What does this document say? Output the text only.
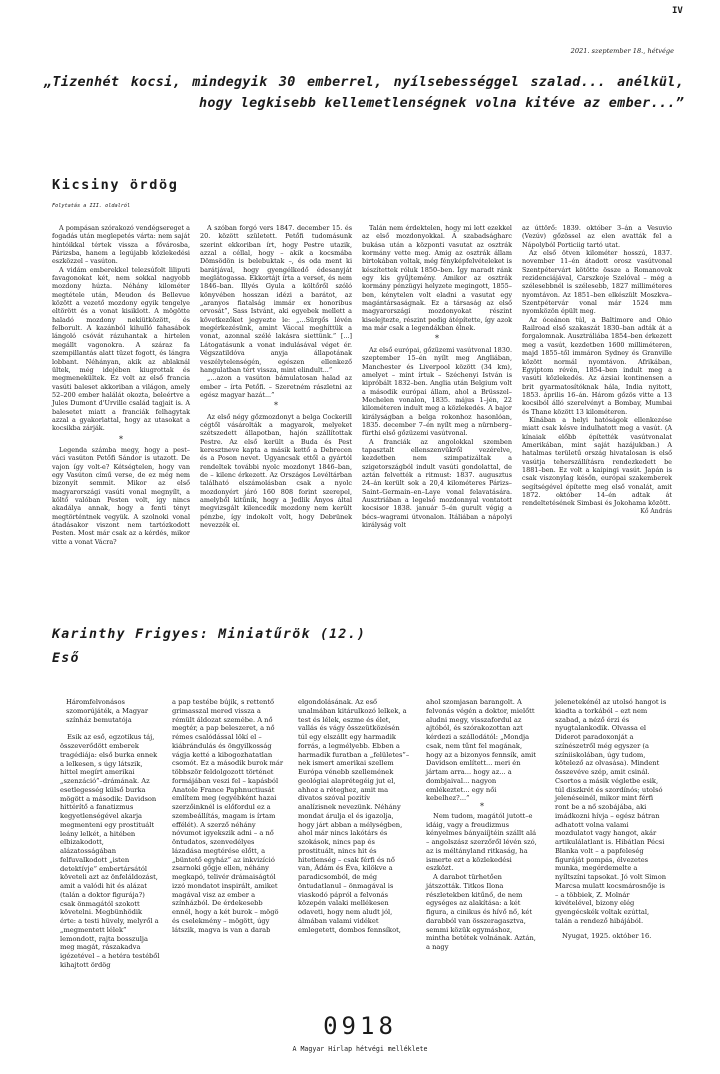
IV
2021. szeptember 18., hétvége
„Tizenhét kocsi, mindegyik 30 emberrel, nyílsebességgel szalad... anélkül, hogy legkisebb kellemetlenségnek volna kitéve az ember...”
Kicsiny ördög
Folytatás a III. oldalról

A pompásan szórakozó vendégsereget a fogadás után meglepetés várta: nem saját hintóikkal tértek vissza a fővárosba, Párizsba, hanem a legújabb közlekedési eszközzel – vasúton.

A vidám emberekkel telezsúfolt liliputi favagonokat két, nem sokkal nagyobb mozdony húzta. Néhány kilométer megtétele után, Meudon és Bellevue között a vezető mozdony egyik tengelye eltörött és a vonat kisiklott. A mögötte haladó mozdony nekiütközött, és felborult. A kazánból kihulló fahasábok lángoló csóvát rázuhantak a hirtelen megállt vagonokra. A száraz fa szempillantás alatt tüzet fogott, és lángra lobbant. Néhányan, akik az ablaknál ültek, még idejében kiugrottak és megmenekültek. Ez volt az első francia vasúti baleset akkoriban a világon, amely 52–200 ember halálát okozta, beleértve a Jules Dumont d'Urville család tagjait is. A balesetet miatt a franciák felhagytak azzal a gyakorlattal, hogy az utasokat a kocsikba zárják.

*

Legenda számba megy, hogy a pest–váci vasúton Petőfi Sándor is utazott. De vajon így volt-e? Kétségtelen, hogy van egy Vasúton című verse, de ez még nem bizonyít semmit. Mikor az első magyarországi vasúti vonal megnyílt, a költő valóban Pesten volt, így nincs akadálya annak, hogy a fenti tényt megtörténtnek vegyük. A szolnoki vonal átadásakor viszont nem tartózkodott Pesten. Most már csak az a kérdés, mikor vitte a vonat Vácra?

A szóban forgó vers 1847. december 15. és 20. között született. Petőfi tudomásunk szerint ekkoriban írt, hogy Pestre utazik, azzal a céllal, hogy – akik a kocsmába Dömsödön is belebuktak –, és oda ment ki barátjával, hogy gyengélkedő édesanyját meglátogassa. Ekkortájt írta a verset, és nem 1846–ban. Illyés Gyula a költőről szóló könyvében hosszan idézi a barátot, az „aranyos fiatalság immár ex honoribus orvosát”, Sass Istvánt, aki egyebek mellett a következőket jegyezte le: „...Sürgős lévén megérkezésünk, amint Váccal meghíttük a vonat, azonnal szélé lakásra siettünk.” [...] Látogatásunk a vonat indulásával véget ér. Végszatildóva anyja állapotának veszélytelenségén, egészen ellenkező hangulatban tért vissza, mint elindult...”

„...azon a vasúton bámulatosan halad az ember – írta Petőfi. – Szeretném rászletni az egész magyar hazát...”

*

Az első négy gőzmozdonyt a belga Cockerill cégtől vásárolták a magyarok, melyeket szétszedett állapotban, hajón szállítottak Pestre. Az első került a Buda és Pest keresztneve kapta a másik kettő a Debrecen és a Poson nevet. Ugyancsak ettől a gyártól rendeltek további nyolc mozdonyt 1846–ban, de – kilenc érkezett. Az Országos Levéltárban található elszámolásban csak a nyolc mozdonyért járó 160 808 forint szerepel, amelyből kitűnik, hogy a Jedlik Ányos által megvizsgált kilencedik mozdony nem került pénzbe, így indokolt volt, hogy Debrünek nevezzék el.

Talán nem érdektelen, hogy mi lett ezekkel az első mozdonyokkal. A szabadságharc bukása után a központi vasutat az osztrák kormány vette meg. Amig az osztrák állam birtokában voltak, még fényképfelvételeket is készítettek róluk 1850–ben. Így maradt ránk egy kis gyűjtemény. Amikor az osztrák kormány pénzügyi helyzete megingott, 1855–ben, kénytelen volt eladni a vasutat egy magántársaságnak. Ez a társaság az első magyarországi mozdonyokat részint kiselejtezte, részint pedig átépítette, így azok ma már csak a legendákban élnek.

*

Az első európai, gőzüzemi vasútvonal 1830. szeptember 15–én nyílt meg Angliában, Manchester és Liverpool között (34 km), amelyet – mint írtuk – Széchenyi István is kipróbált 1832–ben. Anglia után Belgium volt a második európai állam, ahol a Brüsszel–Mechelen vonalon, 1835. május 1–jén, 22 kilométeren indult meg a közlekedés. A bajor királyságban a belga rokonhoz hasonlóan, 1835. december 7–én nyílt meg a nürnberg–fürthi első gőzüzemi vasútvonal.

A franciák az angolokkal szemben tapasztalt ellenszenvükről vezérelve, kezdetben nem szimpatizáltak a szigetországból indult vasúti gondolattal, de aztán felvették a ritmust: 1837. augusztus 24–án került sok a 20,4 kilométeres Párizs–Saint–Germain–en–Laye vonal felavatására. Ausztriában a legelső mozdonnyal vontatott kocsisor 1838. január 5–én gurult végig a bécs–wagrami útvonalon. Itáliában a nápolyi királyság volt

az úttörő: 1839. október 3–án a Vesuvio (Vezúv) gőzössel az elen avatták fel a Nápolyból Porticiig tartó utat.

Az első ötven kilométer hosszú, 1837. november 11–én átadott orosz vasútvonal Szentpétervárt kötötte össze a Romanovok rezidenciájával, Carszkoje Szelóval – még a szélesebbnél is szélesebb, 1827 milliméteres nyomtávon. Az 1851–ben elkészült Moszkva–Szentpétervár vonal már 1524 mm nyomközön épült meg.

Az óceánon túl, a Baltimore and Ohio Railroad első szakaszát 1830–ban adták át a forgalomnak. Ausztráliába 1854–ben érkezett meg a vasút, kezdetben 1600 milliméteren, majd 1855–től immáron Sydney és Granville között normál nyomtávon. Afrikában, Egyiptom révén, 1854–ben indult meg a vasúti közlekedés. Az ázsiai kontinensen a brit gyarmatosítóknak hála, India nyitott, 1853. április 16–án. Három gőzös vitte a 13 kocsiból álló szerelvényt a Bombay, Mumbai és Thane között 13 kilométeren.

Kínában a helyi hatóságok ellenkezése miatt csak késve indulhatott meg a vasút. (A kínaiak előbb építették vasútvonalat Amerikában, mint saját hazájukban.) A hatalmas területű ország hivatalosan is első vasútja teherszállításra rendezkedett be 1881–ben. Ez volt a kaipingi vasút. Japán is csak viszonylag későn, európai szakemberek segítségével építette meg első vonalát, amit 1872. október 14–én adtak át rendeltetésének Simbasi és Jokohama között.

Kő András

Karinthy Frigyes: Miniatűrök (12.)
Eső

Háromfelvonásos szomorújáték, a Magyar színház bemutatója

Esik az eső, egzotikus táj, összeverődött emberek tragédiája: első burka ennek a lelkesen, s úgy látszik, hittel megírt amerikai „szenzáció”–drámának. Az esetlegesség külső burka mögött a második: Davidson hittérítő a fanatizmus kegyetlenségével akarja megmenteni egy prostituált leány lelkét, a hitében elbizakodott, alázatosságában felfuvalkodott „isten detektívje” embertársától követeli azt az önfeláldozást, amit a valódi hit és alázat (talán a doktor figurája?) csak önmagától szokott követelni. Megbünhödik érte: a testi hüvely, melyről a „megmentett lélek” lemondott, rajta bosszulja meg magát, rászakadva igézetével – a hetéra testéből kihajtott ördög

a pap testébe bújik, s rettentő grimasszal mered vissza a rémült áldozat szemébe. A nő megtér, a pap beleszeret, a nő rémes csalódással lökí el – kiábrándulás és öngyilkosság vágja ketté a kibogozhatatlan csomót. Ez a második burok már többször feldolgozott történet formájában veszi fel – kapásból Anatole France Paphnuctiusát említem meg (egyébként hazai szerzőinknél is előfordul ez a szembeállítás, magam is írtam effélét). A szerző néhány nóvumot igyekszik adni – a nő öntudatos, szenvedélyes lázadása megtérése előtt, a „büntető egyház” az inkvizíció zsarnoki gőgje ellen, néhány megkapó, telivér drámaiságtól izzó mondatot inspirált, amiket magával visz az ember a színházból. De érdekesebb ennél, hogy a két burok – mögö és cselekmény – mögött, úgy látszik, magva is van a darab

elgondolásának. Az eső unalmában kitárulkozó lelkek, a test és lélek, eszme és élet, vallás és vágy összeütközésén túl egy elszállt egy harmadik forrás, a legmélyebb. Ebben a harmadik furatban a „felületes”–nek ismert amerikai szellem Európa vénebb szellemének geológiai alaprétegéig jut el, ahhoz a réteghez, amit ma divatos szóval pozitív analízisnek nevezünk. Néhány mondat árulja el és igazolja, hogy járt abban a mélységben, ahol már nincs lakótárs és szokások, nincs pap és prostituált, nincs hit és hitetlenség – csak férfi és nő van, Ádám és Éva, kilökve a paradicsomból, de még öntudatlanul – önmagával is viaskodó pápról a felvonás közepén valaki mellékesen odaveti, hogy nem aludt jól, álmában valami vidéket emlegetett, dombos fennsíkot,

ahol szomjasan barangolt. A felvonás végén a doktor, mielőtt aludni megy, visszafordul az ajtóból, és szórakozottan azt kérdezi a szállodától: „Mondja csak, nem tűnt fel magának, hogy az a bizonyos fennsík, amit Davidson említett... meri én jártam arra... hogy az... a dombjaival... nagyon emlékeztet... egy női kebelhez?...”

*

Nem tudom, magától jutott–e idáig, vagy a freudizmus kényelmes bányaiíjtéin szállt alá – angolszász szerzőről lévén szó, az is méltányland ritkaság, ha ismerte ezt a közlekedési eszközt.

A darabot türhetően játszották. Titkos Ilona részletekben kitűnő, de nem egységes az alakítása: a két figura, a cinikus és hívő nő, két darabból van összeragasztva, semmi közük egymáshoz, mintha betétek volnának. Aztán, a nagy

jelenetekénél az utolsó hangot is kiadta a torkából – ezt nem szabad, a néző érzi és nyugtalankodik. Olvassa el Diderot paradoxonját a színészetről még egyszer (a színiiskolában, úgy tudom, kötelező az olvasása). Mindent összevéve szép, amit csinál. Csortos a másik végletbe esik, túl diszkrét és szordínós; utolsó jelenéseinél, mikor mint férfi ront be a nő szobájába, aki imádkozni hívja – egész bátran adhatott volna valami mozdulatot vagy hangot, akár artikulálatlant is. Hibátlan Pécsi Blanka volt – a papfeleség figuráját pompás, élvezetes munka, megérdemelte a nyíltszíni tapsokat. Jó volt Simon Marcsa mulatt kocsmárosnője is – a többiek, Z. Molnár kivételével, bizony elég gyengécskék voltak ezúttal, talán a rendező hibájából.

Nyugat, 1925. október 16.

0918
A Magyar Hírlap hétvégi melléklete
